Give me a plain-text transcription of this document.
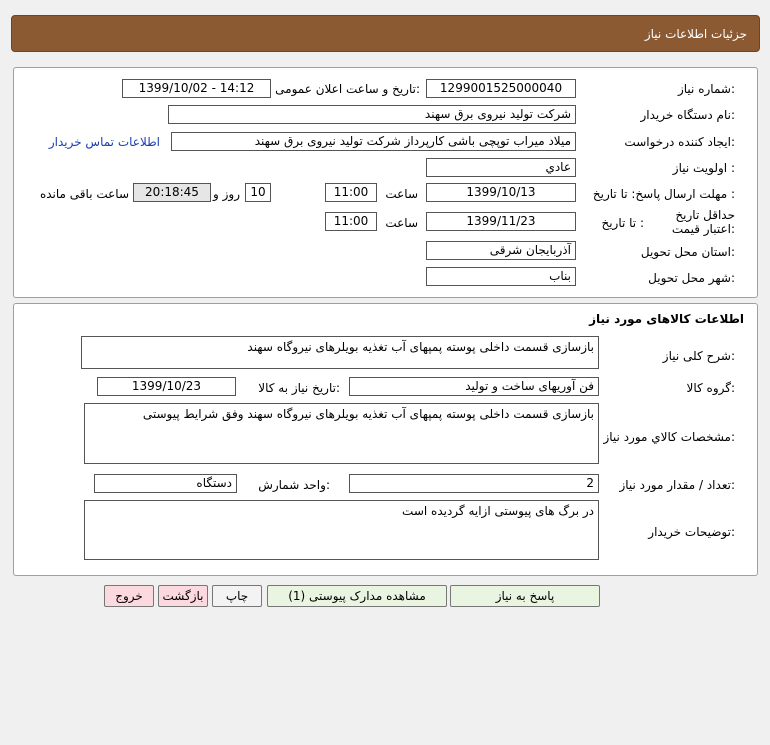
جزئیات اطلاعات نیاز
شماره نیاز:
1299001525000040
تاریخ و ساعت اعلان عمومی:
1399/10/02 - 14:12
نام دستگاه خریدار:
شرکت تولید نیروی برق سهند
ایجاد کننده درخواست:
میلاد میراب توپچی باشی کارپرداز شرکت تولید نیروی برق سهند
اطلاعات تماس خریدار
اولویت نیاز :
عادي
مهلت ارسال پاسخ: تا تاریخ :
1399/10/13
ساعت
11:00
10
روز و
20:18:45
ساعت باقی مانده
حداقل تاریخ اعتبار قیمت:
تا تاریخ :
1399/11/23
ساعت
11:00
استان محل تحویل:
آذربایجان شرقی
شهر محل تحویل:
بناب
اطلاعات کالاهای مورد نیاز
شرح کلی نیاز:
بازسازی قسمت داخلی پوسته پمپهای آب تغذیه بویلرهای نیروگاه سهند
گروه کالا:
فن آوریهای ساخت و تولید
تاریخ نیاز به کالا:
1399/10/23
مشخصات کالاي مورد نیاز:
بازسازی قسمت داخلی پوسته پمپهای آب تغذیه بویلرهای نیروگاه سهند وفق شرایط پیوستی
تعداد / مقدار مورد نیاز:
2
واحد شمارش:
دستگاه
توضیحات خریدار:
در برگ های پیوستی ازایه گردیده است
پاسخ به نیاز
مشاهده مدارک پیوستی (1)
چاپ
بازگشت
خروج
